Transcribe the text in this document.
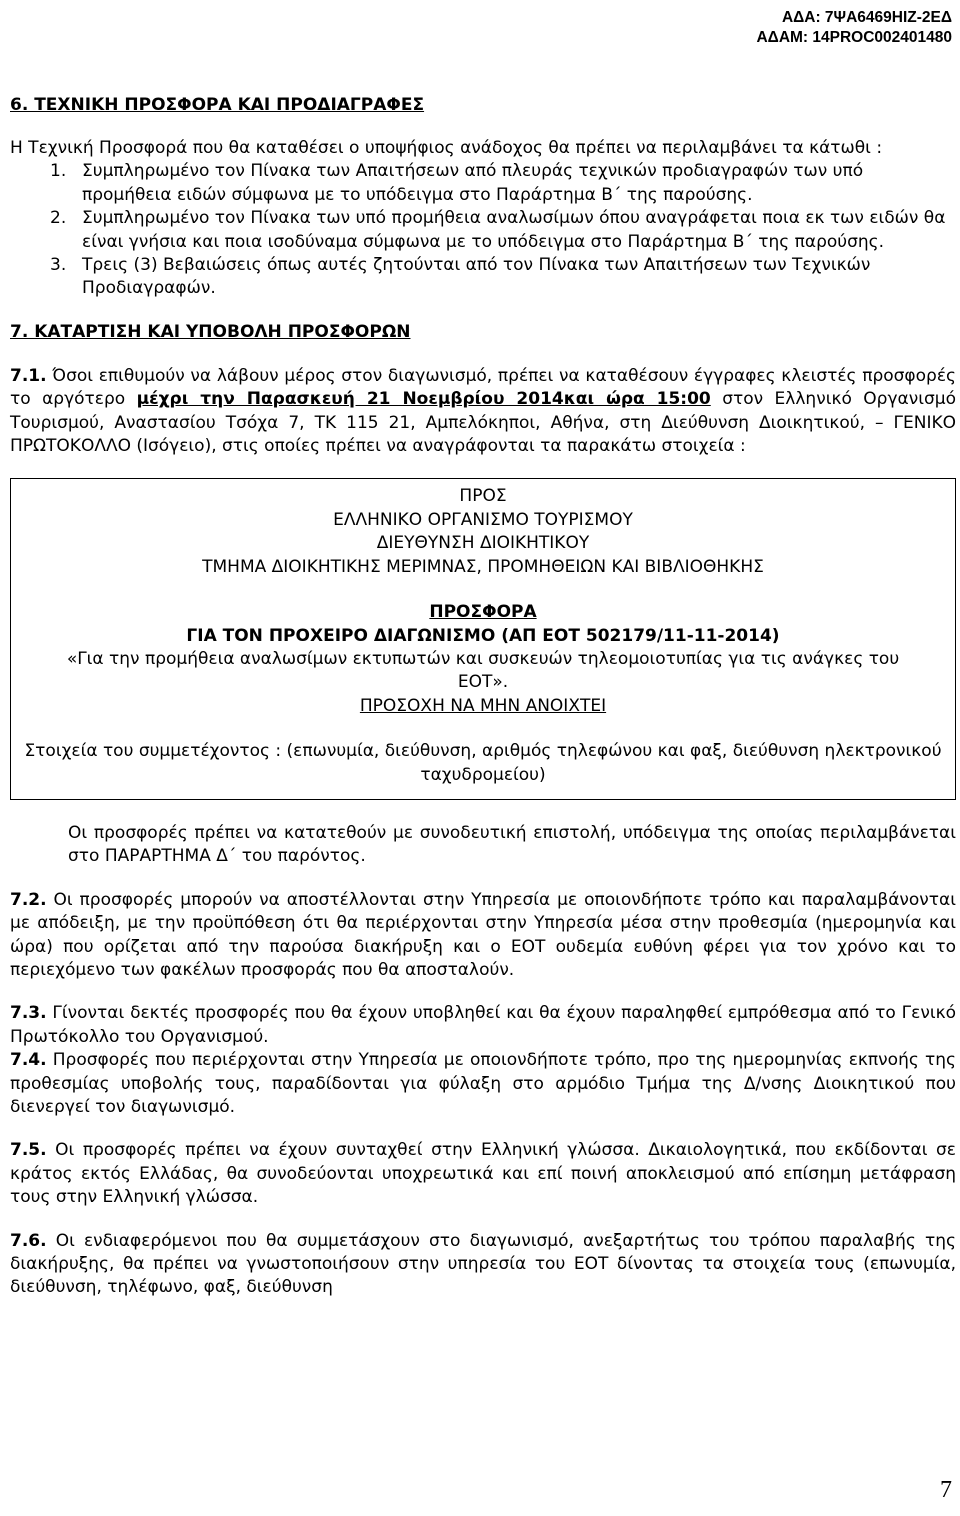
ΑΔΑ: 7ΨΑ6469ΗΙΖ-2ΕΔ
ΑΔΑΜ: 14PROC002401480

6. ΤΕΧΝΙΚΗ ΠΡΟΣΦΟΡΑ ΚΑΙ ΠΡΟΔΙΑΓΡΑΦΕΣ

Η Τεχνική Προσφορά που θα καταθέσει ο υποψήφιος ανάδοχος θα πρέπει να περιλαμβάνει τα κάτωθι :

1. Συμπληρωμένο τον Πίνακα των Απαιτήσεων από πλευράς τεχνικών προδιαγραφών των υπό προμήθεια ειδών σύμφωνα με το υπόδειγμα στο Παράρτημα Β΄ της παρούσης.
2. Συμπληρωμένο τον Πίνακα των υπό προμήθεια αναλωσίμων όπου αναγράφεται ποια εκ των ειδών θα είναι γνήσια και ποια ισοδύναμα σύμφωνα με το υπόδειγμα στο Παράρτημα Β΄ της παρούσης.
3. Τρεις (3) Βεβαιώσεις όπως αυτές ζητούνται από τον Πίνακα των Απαιτήσεων των Τεχνικών Προδιαγραφών.

7. ΚΑΤΑΡΤΙΣΗ ΚΑΙ ΥΠΟΒΟΛΗ ΠΡΟΣΦΟΡΩΝ

7.1. Όσοι επιθυμούν να λάβουν μέρος στον διαγωνισμό, πρέπει να καταθέσουν έγγραφες κλειστές προσφορές το αργότερο μέχρι την Παρασκευή 21 Νοεμβρίου 2014και ώρα 15:00 στον Ελληνικό Οργανισμό Τουρισμού, Αναστασίου Τσόχα 7, ΤΚ 115 21, Αμπελόκηποι, Αθήνα, στη Διεύθυνση Διοικητικού, – ΓΕΝΙΚΟ ΠΡΩΤΟΚΟΛΛΟ (Ισόγειο), στις οποίες πρέπει να αναγράφονται τα παρακάτω στοιχεία :

ΠΡΟΣ

ΕΛΛΗΝΙΚΟ ΟΡΓΑΝΙΣΜΟ ΤΟΥΡΙΣΜΟΥ

ΔΙΕΥΘΥΝΣΗ ΔΙΟΙΚΗΤΙΚΟΥ

ΤΜΗΜΑ ΔΙΟΙΚΗΤΙΚΗΣ ΜΕΡΙΜΝΑΣ, ΠΡΟΜΗΘΕΙΩΝ ΚΑΙ ΒΙΒΛΙΟΘΗΚΗΣ

ΠΡΟΣΦΟΡΑ

ΓΙΑ ΤΟΝ ΠΡΟΧΕΙΡΟ ΔΙΑΓΩΝΙΣΜΟ (ΑΠ ΕΟΤ 502179/11-11-2014)

«Για την προμήθεια αναλωσίμων εκτυπωτών και συσκευών τηλεομοιοτυπίας για τις ανάγκες του ΕΟΤ».

ΠΡΟΣΟΧΗ ΝΑ ΜΗΝ ΑΝΟΙΧΤΕΙ

Στοιχεία του συμμετέχοντος : (επωνυμία, διεύθυνση, αριθμός τηλεφώνου και φαξ, διεύθυνση ηλεκτρονικού ταχυδρομείου)

Οι προσφορές πρέπει να κατατεθούν με συνοδευτική επιστολή, υπόδειγμα της οποίας περιλαμβάνεται στο ΠΑΡΑΡΤΗΜΑ Δ΄ του παρόντος.

7.2. Οι προσφορές μπορούν να αποστέλλονται στην Υπηρεσία με οποιονδήποτε τρόπο και παραλαμβάνονται με απόδειξη, με την προϋπόθεση ότι θα περιέρχονται στην Υπηρεσία μέσα στην προθεσμία (ημερομηνία και ώρα) που ορίζεται από την παρούσα διακήρυξη και ο ΕΟΤ ουδεμία ευθύνη φέρει για τον χρόνο και το περιεχόμενο των φακέλων προσφοράς που θα αποσταλούν.

7.3. Γίνονται δεκτές προσφορές που θα έχουν υποβληθεί και θα έχουν παραληφθεί εμπρόθεσμα από το Γενικό Πρωτόκολλο του Οργανισμού.

7.4. Προσφορές που περιέρχονται στην Υπηρεσία με οποιονδήποτε τρόπο, προ της ημερομηνίας εκπνοής της προθεσμίας υποβολής τους, παραδίδονται για φύλαξη στο αρμόδιο Τμήμα της Δ/νσης Διοικητικού που διενεργεί τον διαγωνισμό.

7.5. Οι προσφορές πρέπει να έχουν συνταχθεί στην Ελληνική γλώσσα. Δικαιολογητικά, που εκδίδονται σε κράτος εκτός Ελλάδας, θα συνοδεύονται υποχρεωτικά και επί ποινή αποκλεισμού από επίσημη μετάφραση τους στην Ελληνική γλώσσα.

7.6. Οι ενδιαφερόμενοι που θα συμμετάσχουν στο διαγωνισμό, ανεξαρτήτως του τρόπου παραλαβής της διακήρυξης, θα πρέπει να γνωστοποιήσουν στην υπηρεσία του ΕΟΤ δίνοντας τα στοιχεία τους (επωνυμία, διεύθυνση, τηλέφωνο, φαξ, διεύθυνση

7
